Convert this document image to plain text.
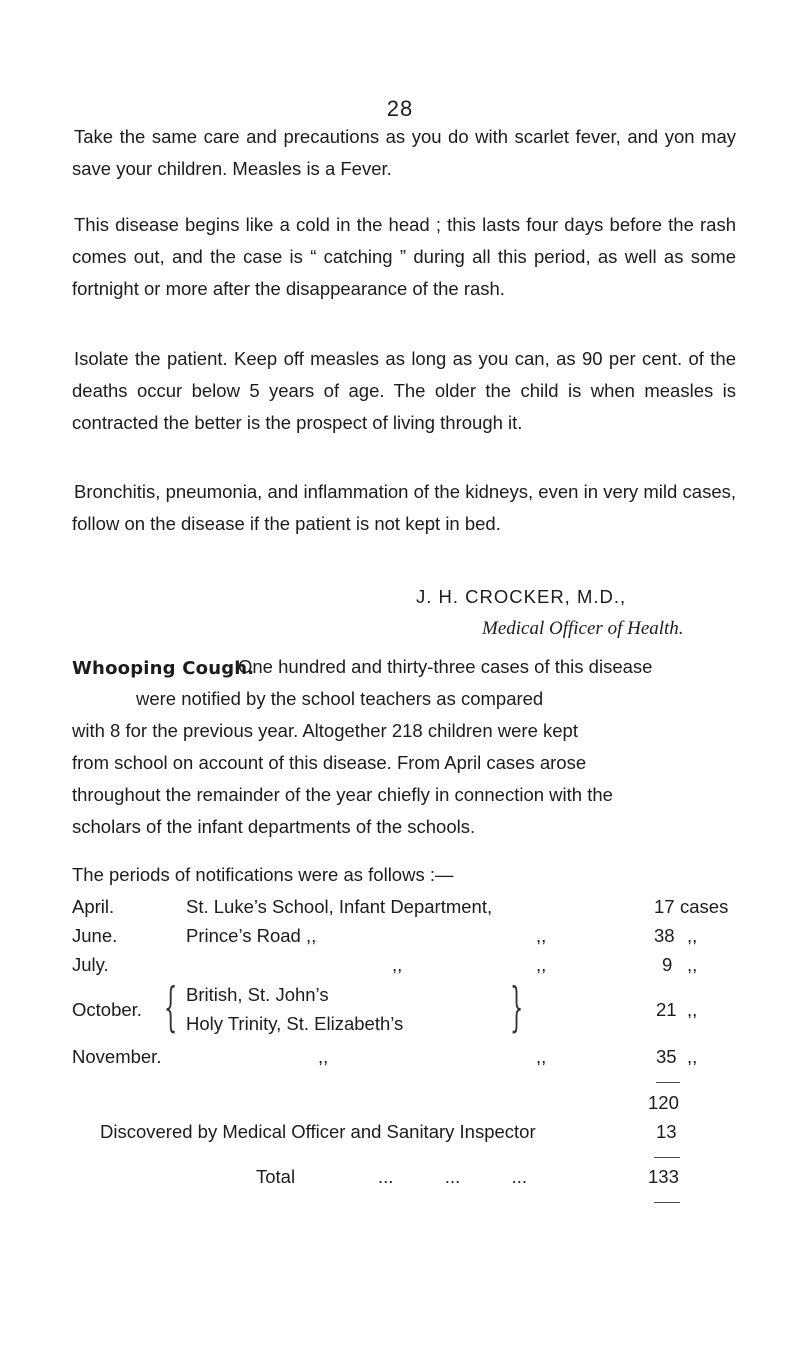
28

Take the same care and precautions as you do with scarlet fever, and yon may save your children. Measles is a Fever.

This disease begins like a cold in the head ; this lasts four days before the rash comes out, and the case is “ catching ” during all this period, as well as some fortnight or more after the disappearance of the rash.

Isolate the patient. Keep off measles as long as you can, as 90 per cent. of the deaths occur below 5 years of age. The older the child is when measles is contracted the better is the prospect of living through it.

Bronchitis, pneumonia, and inflammation of the kidneys, even in very mild cases, follow on the disease if the patient is not kept in bed.

J. H. CROCKER, M.D.,
Medical Officer of Health.
Whooping Cough.
One hundred and thirty-three cases of this disease
were notified by the school teachers as compared
with 8 for the previous year. Altogether 218 children were kept
from school on account of this disease. From April cases arose
throughout the remainder of the year chiefly in connection with the
scholars of the infant departments of the schools.
The periods of notifications were as follows :—
April.	St. Luke’s School, Infant Department,	17 cases
June.	Prince’s Road ,,	,,	38 ,,
July.	,,	,,	9 ,,
October. { British, St. John’s
Holy Trinity, St. Elizabeth’s }	21 ,,
November.	,,	,,	35 ,,
120
Discovered by Medical Officer and Sanitary Inspector	13
Total	...          ...          ...	133
